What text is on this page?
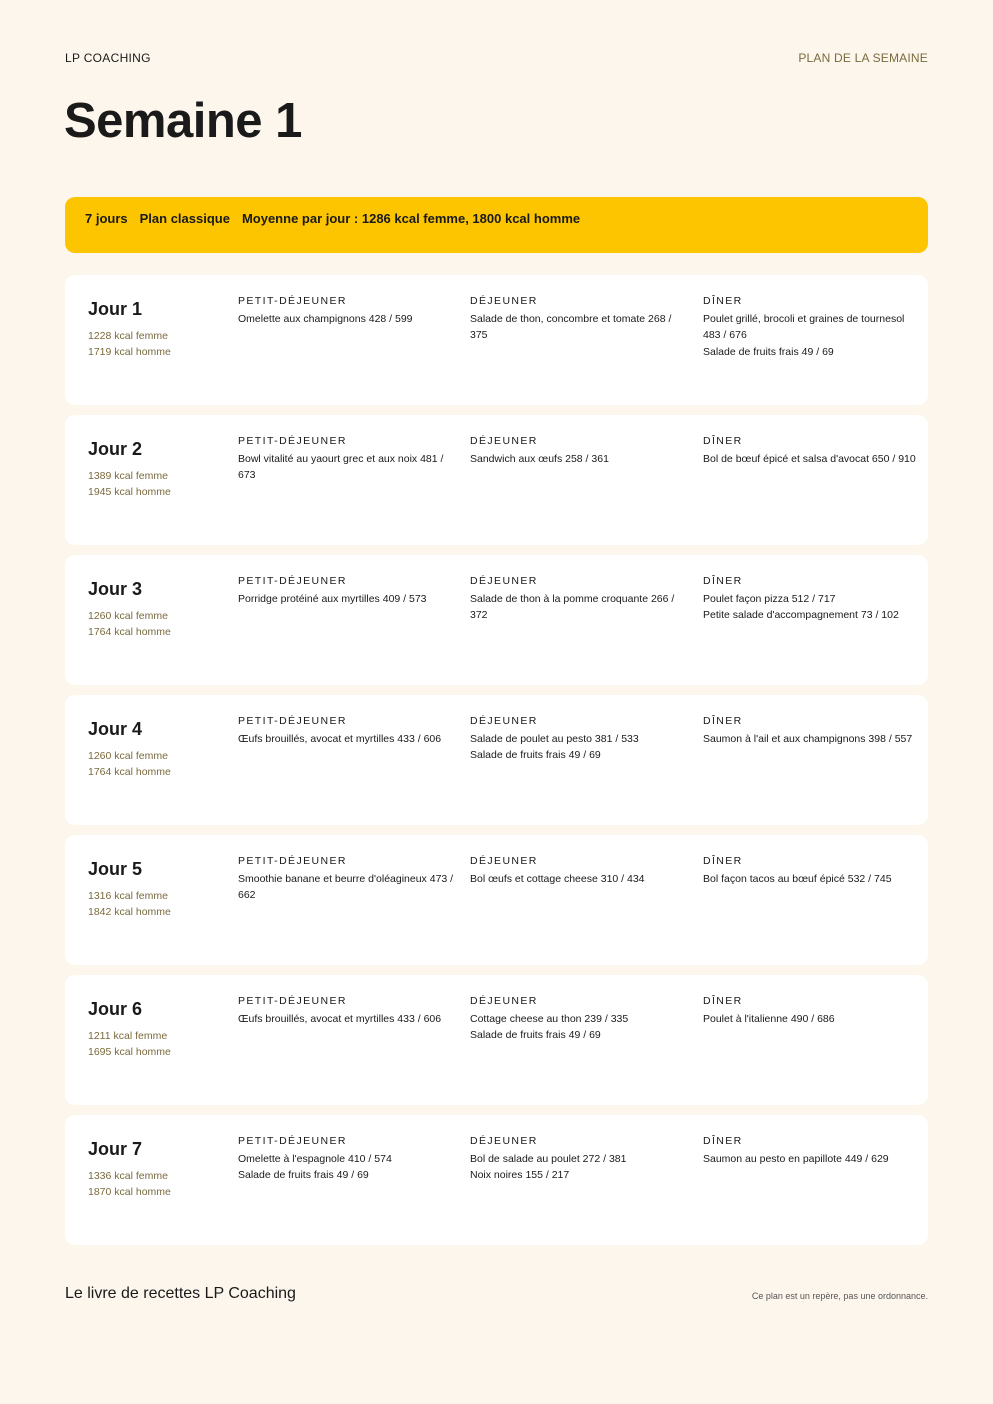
LP COACHING	PLAN DE LA SEMAINE
Semaine 1
7 jours Plan classique Moyenne par jour : 1286 kcal femme, 1800 kcal homme
Jour 1
1228 kcal femme
1719 kcal homme
PETIT-DÉJEUNER
Omelette aux champignons 428 / 599
DÉJEUNER
Salade de thon, concombre et tomate 268 / 375
DÎNER
Poulet grillé, brocoli et graines de tournesol 483 / 676
Salade de fruits frais 49 / 69
Jour 2
1389 kcal femme
1945 kcal homme
PETIT-DÉJEUNER
Bowl vitalité au yaourt grec et aux noix 481 / 673
DÉJEUNER
Sandwich aux œufs 258 / 361
DÎNER
Bol de bœuf épicé et salsa d'avocat 650 / 910
Jour 3
1260 kcal femme
1764 kcal homme
PETIT-DÉJEUNER
Porridge protéiné aux myrtilles 409 / 573
DÉJEUNER
Salade de thon à la pomme croquante 266 / 372
DÎNER
Poulet façon pizza 512 / 717
Petite salade d'accompagnement 73 / 102
Jour 4
1260 kcal femme
1764 kcal homme
PETIT-DÉJEUNER
Œufs brouillés, avocat et myrtilles 433 / 606
DÉJEUNER
Salade de poulet au pesto 381 / 533
Salade de fruits frais 49 / 69
DÎNER
Saumon à l'ail et aux champignons 398 / 557
Jour 5
1316 kcal femme
1842 kcal homme
PETIT-DÉJEUNER
Smoothie banane et beurre d'oléagineux 473 / 662
DÉJEUNER
Bol œufs et cottage cheese 310 / 434
DÎNER
Bol façon tacos au bœuf épicé 532 / 745
Jour 6
1211 kcal femme
1695 kcal homme
PETIT-DÉJEUNER
Œufs brouillés, avocat et myrtilles 433 / 606
DÉJEUNER
Cottage cheese au thon 239 / 335
Salade de fruits frais 49 / 69
DÎNER
Poulet à l'italienne 490 / 686
Jour 7
1336 kcal femme
1870 kcal homme
PETIT-DÉJEUNER
Omelette à l'espagnole 410 / 574
Salade de fruits frais 49 / 69
DÉJEUNER
Bol de salade au poulet 272 / 381
Noix noires 155 / 217
DÎNER
Saumon au pesto en papillote 449 / 629
Le livre de recettes LP Coaching	Ce plan est un repère, pas une ordonnance.
